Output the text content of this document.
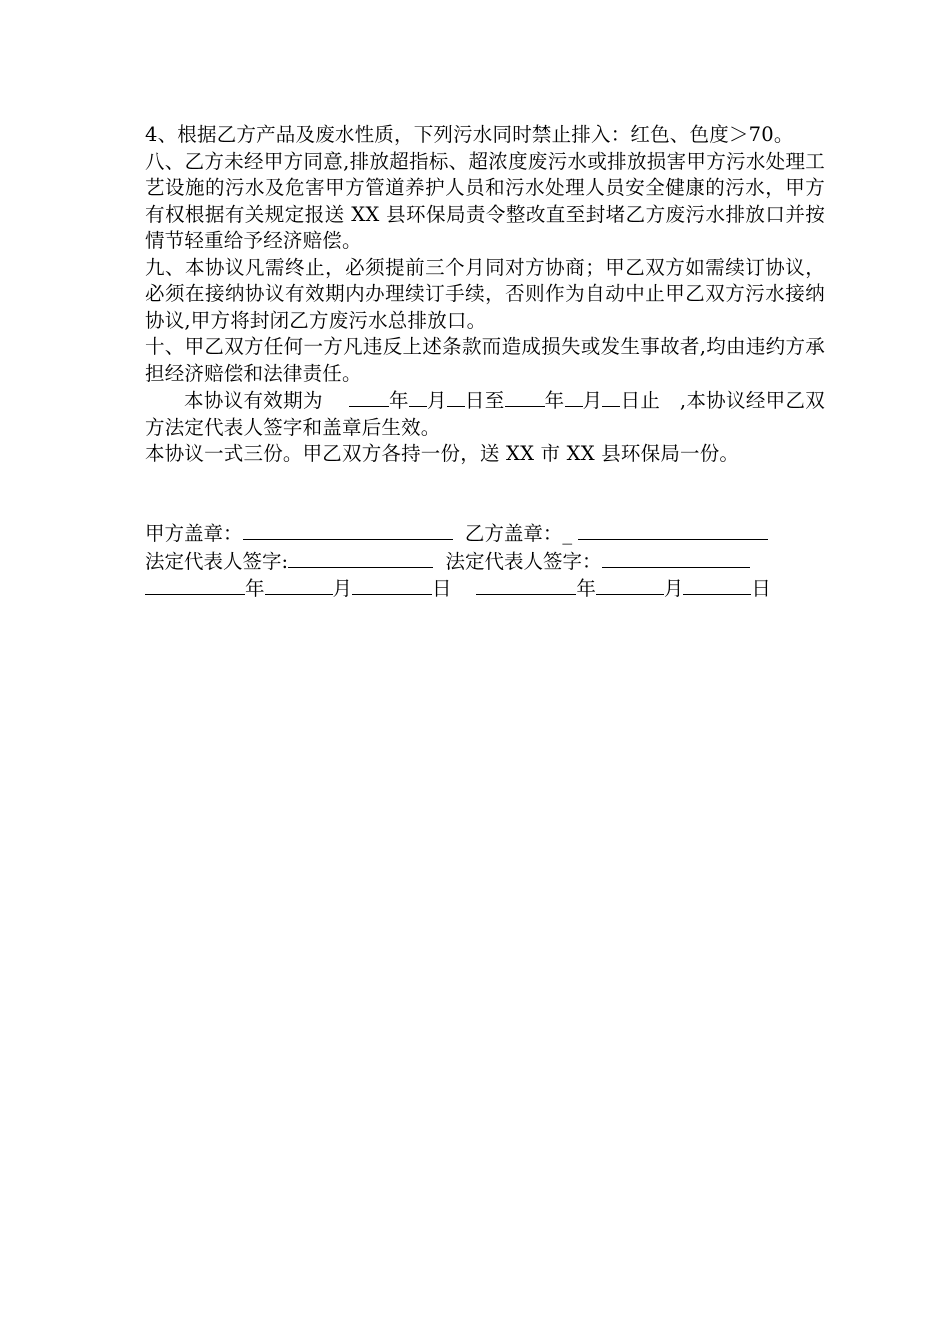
4、根据乙方产品及废水性质，下列污水同时禁止排入：红色、色度＞70。

八、乙方未经甲方同意,排放超指标、超浓度废污水或排放损害甲方污水处理工艺设施的污水及危害甲方管道养护人员和污水处理人员安全健康的污水，甲方有权根据有关规定报送 XX 县环保局责令整改直至封堵乙方废污水排放口并按情节轻重给予经济赔偿。

九、本协议凡需终止，必须提前三个月同对方协商；甲乙双方如需续订协议，必须在接纳协议有效期内办理续订手续，否则作为自动中止甲乙双方污水接纳协议,甲方将封闭乙方废污水总排放口。

十、甲乙双方任何一方凡违反上述条款而造成损失或发生事故者,均由违约方承担经济赔偿和法律责任。

本协议有效期为	年 月 日至 年 月 日止 ,本协议经甲乙双方法定代表人签字和盖章后生效。

本协议一式三份。甲乙双方各持一份，送 XX 市 XX 县环保局一份。

甲方盖章：	乙方盖章：_

法定代表人签字:	法定代表人签字：

年	月	日	年	月	日
